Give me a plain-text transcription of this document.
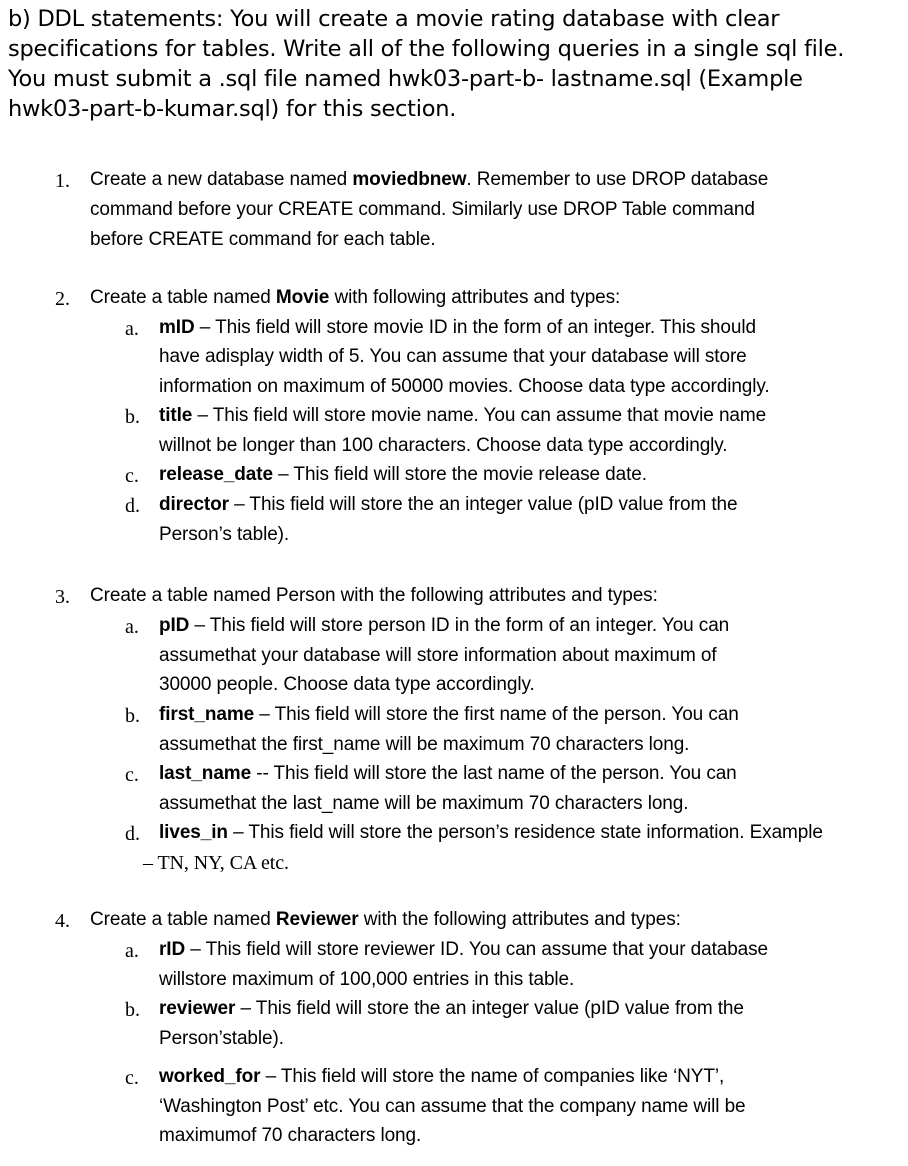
b) DDL statements: You will create a movie rating database with clear

specifications for tables. Write all of the following queries in a single sql file.

You must submit a .sql file named hwk03-part-b- lastname.sql (Example

hwk03-part-b-kumar.sql) for this section.

1. Create a new database named moviedbnew. Remember to use DROP database
command before your CREATE command. Similarly use DROP Table command
before CREATE command for each table.
2. Create a table named Movie with following attributes and types:
a. mID – This field will store movie ID in the form of an integer. This should
have adisplay width of 5. You can assume that your database will store
information on maximum of 50000 movies. Choose data type accordingly.
b. title – This field will store movie name. You can assume that movie name
willnot be longer than 100 characters. Choose data type accordingly.
c. release_date – This field will store the movie release date.
d. director – This field will store the an integer value (pID value from the
Person’s table).
3. Create a table named Person with the following attributes and types:
a. pID – This field will store person ID in the form of an integer. You can
assumethat your database will store information about maximum of
30000 people. Choose data type accordingly.
b. first_name – This field will store the first name of the person. You can
assumethat the first_name will be maximum 70 characters long.
c. last_name -- This field will store the last name of the person. You can
assumethat the last_name will be maximum 70 characters long.
d. lives_in – This field will store the person’s residence state information. Example
– TN, NY, CA etc.
4. Create a table named Reviewer with the following attributes and types:
a. rID – This field will store reviewer ID. You can assume that your database
willstore maximum of 100,000 entries in this table.
b. reviewer – This field will store the an integer value (pID value from the
Person’stable).
c. worked_for – This field will store the name of companies like ‘NYT’,
‘Washington Post’ etc. You can assume that the company name will be
maximumof 70 characters long.
